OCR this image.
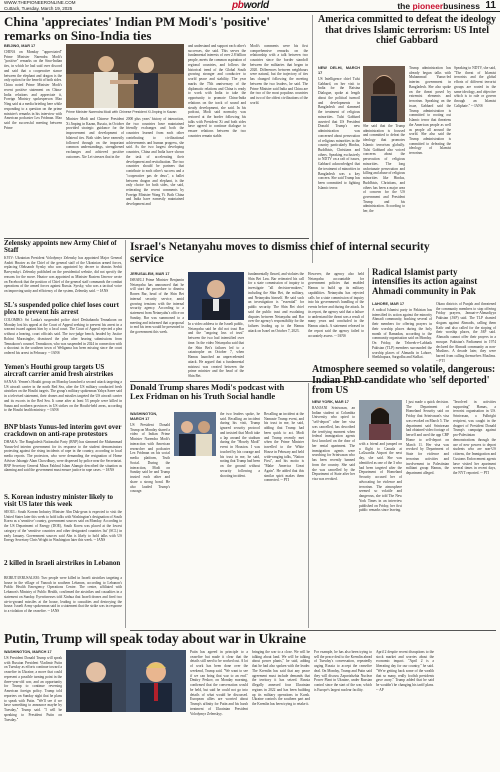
WWW.THEPIONEERONLINE.COM
Cuttack, Tuesday, March 19, 2025	pbworld	the pioneerbusiness 11
China 'appreciates' Indian PM Modi's 'positive' remarks on Sino-India ties
BEIJING, MAR 17

CHINA on Monday "appreciated" Prime Minister Narendra Modi's "positive" remarks on the Sino-Indian ties, in which he had said over discord and said that a cooperative stance between the elephant and dragon is the only option for the benefit of both sides. China noted Prime Minister Modi's recent positive statement on China-India relations and appreciate it, Foreign Ministry spokesperson Mao Ning said at a media briefing here while responding to a question on the prime minister's remarks in his interview with American podcaster Lex Fridman. Mao said the successful meeting between Prime

Prime Minister Narendra Modi with Chinese President Xi Jinping in Kazan
Minister Modi and Chinese President Xi Jinping in Kazan, Russia, in October provided strategic guidance for the improvement and development of bilateral ties. Both sides have earnestly followed through on the important common understandings, strengthened exchanges and achieved positive outcomes. Xie Lei stresses that in the
2000 plus years' history of interaction, the two countries have maintained friendly exchanges and both the countries learned from each other contributing to civilizational achievements and human progress, she said. As the two largest developing countries, China and India have shown the task of accelerating their development and revitalisation. The two countries should be partners that contribute to each other's success and a "cooperative pas de deux", a ballet between dragon and elephant, is the only choice for both sides, she said, reiterating the recent comments by Foreign Minister Wang Yi. Both China and India have earnestly maintained development and
and understand and support each other's successes, she said. This serves the fundamental interests of over 2.8 billion people, meets the common aspiration of regional countries, and follows the historical trend of the Global South growing stronger and conducive to world peace and stability. The year marks the 75th anniversary of the diplomatic relations and China is ready to work with India to take the opportunity to promote China-India relations on the track of sound and steady development, she said. In his podcast, Modi said normalcy was restored at the border following his talks with President Xi and both sides have agreed to continue dialogue to ensure relations between the two countries remain stable.
Modi's comments were his first comprehensive remarks on the relationship with a talk between two countries since the border standoff between the militaries that began in 2020. Differences between neighbours were natural, but the trajectory of ties has changed following the meeting between the two leaders, he said. The Prime Minister said India and China are the two of the most populous countries and two of the oldest civilizations of the world.
America committed to defeat the ideology that drives Islamic terrorism: US Intel chief Gabbard
NEW DELHI, MARCH 17

US Intelligence chief Tulsi Gabbard, on her visit to India for the Raisina Dialogue, spoke at length about the political turmoil and developments in Bangladesh and slammed the treatment of religious minorities. Tulsi Gabbard asserted that US President Donald Trump's new administration was concerned about persecution of religious minorities in the country particularly Hindus, Buddhists, Christians and others. Speaking exclusively to NDTV on a raft of issues, Gabbard acknowledged that the treatment of minorities in Bangladesh was a key concern. She said Trump has been committed to fighting Islamic terror.

She said that the Trump administration is focused and committed to defeat the ideology that promotes Islamic terrorism globally. Tulsi Gabbard also voiced concerns about the persecution of religious minorities. The long unfortunate persecution and killing and abuse of religious minorities like Hindus, Buddhists, Christians, and others has been a major area of concern for the US government and President Trump and his administration. According to her, the
Trump administration has already begun talks with Muhammad Yunus-led interim government in Bangladesh. She also spoke on the threat posed by extremist elements and terrorism. Speaking on the issue, Gabbard said the Trump administration is committed to rooting out Islamic terror that threatens the American people as well as people all around the world. She also said the Trump administration is committed to defeating the ideology of Islamist terrorism.
Speaking to NDTV, she said, "The threat of Islamist terrorists and the global efforts of different terrorist groups are rooted in the same ideology, and objective which is to rule or govern through an Islamist Caliphate." -- IANS
Zelensky appoints new Army Chief of Staff
KYIV: Ukrainian President Volodymyr Zelensky has appointed Major General Andrii Hnatov as the Chief of the general staff of the Ukrainian armed forces, replacing Oleksandr Syrsky who was appointed by decree to dismiss Serhii Barvynskyi. Zelensky published on the presidential website, did not specify the reasons for the move. Hnatov was appointed as Minister Rustem Umerov wrote on Facebook that the position of Chief of the general staff commands the combat operations of the armed forces against Russia. Syrsky, who was a tactical voice on improving unity and efficiency of the system, Zelensky said. -- IANS
SL's suspended police chief loses court plea to prevent his arrest
COLOMBO: Sri Lanka's suspended police chief Deshabandu Tennakoon on Monday lost his appeal at the Court of Appeal seeking to prevent his arrest in a warrant issued against him by a local court. The Court of Appeal rejected a plea without a hearing, court officials said. The two-judge bench, headed by Justice Rohini Marasinghe, dismissed the plea after hearing submissions from Tennakoon's counsel. Tennakoon, who was suspended in 2024 in connection with a shootout in the southern town of Weligama has been missing since the court ordered his arrest in February. -- IANS
Yemen's Houthi group targets US aircraft carrier amid fresh airstrikes
SANAA: Yemen's Houthi group on Monday launched a second attack targeting a US aircraft carrier in the north Red Sea, after the US military conducted fresh airstrikes on the Houthi targets. The group's military spokesman Yahya Saree said in a televised statement, their drones and missiles targeted the US aircraft carrier and its escorts in the Red Sea. It came after at least 53 people were killed in Sanaa and northern provinces in US strikes on the Houthi-held areas, according to the Houthi health ministry. -- IANS
BNP blasts Yunus-led interim govt over crackdown on anti-rape protestors
DHAKA: The Bangladesh Nationalist Party (BNP) has slammed the Muhammad Yunus-led interim government for its response to the student demonstrators protesting against the rising incidents of rape in the country, according to local media reports. The protestors, who were demanding the resignation of Home Adviser Jahangir Alam Chowdhury, were dispersed by police near the Secretariat. BNP Secretary General Mirza Fakhrul Islam Alamgir described the situation as alarming and said the government must ensure justice in rape cases. -- IANS
S. Korean industry minister likely to visit US later this week
SEOUL: South Korean Industry Minister Ahn Duk-geun is expected to visit the United States later this week to hold talks with Washington's designation of South Korea as a 'sensitive' country, government sources said on Monday. According to the US Department of Energy (DOE), South Korea was placed at the lowest category of the 'sensitive countries and other designated countries list' (SCL) in early January. Government sources said Ahn is likely to hold talks with US Energy Secretary Chris Wright in Washington later this week. -- IANS
2 killed in Israeli airstrikes in Lebanon
BEIRUT/JERUSALEM: Two people were killed in Israeli airstrikes targeting a house in the village of Yanouh in southern Lebanon, according to Lebanon's Public Health Emergency Operations Centre. The centre, affiliated with Lebanon's Ministry of Public Health, confirmed the airstrikes and casualties in a statement on Sunday. Eyewitnesses told Xinhua that Israeli drones and fired two air-to-ground missiles at the house, leading to casualties and destroying the house. Israeli Army spokesman said in a statement that the strike was in response to a violation of the ceasefire. -- IANS
Israel's Netanyahu moves to dismiss chief of internal security service
JERUSALEM, MAR 17

ISRAELI Prime Minister Benjamin Netanyahu has announced that he will start the procedure to dismiss Ronen Bar, head of the Shin Bet internal security service, amid growing tensions with the internal security agency. According to a statement from Netanyahu's office on Sunday, Bar was summoned to a meeting and informed that a proposal to end his term would be presented to the government this week.

In a video address to the Israeli public, Netanyahu said he did not trust Bar and the "ongoing loss of trust" between the two had intensified over time. In the video Netanyahu said that the Shin Bet's failures led to a catastrophe on October 7, when Hamas launched an unprecedented attack. He argued that a fundamental mistrust was created between the prime minister and the head of the Shin Bet.
fundamentally flawed, and violates the Shin Bet Law. Bar reiterated his call for a state commission of inquiry to investigate "all decision-makers," including the Shin Bet, the military, and Netanyahu himself. He said such an investigation is "essential" for public security. The Shin Bet chief said the public trust and escalating disputes between Netanyahu and Bar over the agency's responsibility for the failures leading up to the Hamas attack on Israel on October 7, 2023.
However, the agency also held Netanyahu accountable for government policies that enabled Hamas to build up its military capabilities. Netanyahu has rejected calls for a state commission of inquiry into his government's handling of the events before and during the attack. In its report, the agency said that a failure to understand the threat was a result of many years and concluded in the Hamas attack. A statement released in the report said the agency failed to accurately assess. -- IANS
Radical Islamist party intensifies its action against Ahmadi community in Pak
LAHORE, MAR 17

A radical Islamist party in Pakistan has intensified its action against the minority Ahmadi community, booking several of their members for offering prayers in their worship places during the holy month of Ramadan, according to the community organisation said on Monday. On Friday, the Tehreek-e-Labbaik Pakistan (TLP) members surrounded the worship places of Ahmadis in Lahore, Sheikhupura, Sargodha and Sialkot.

Okara districts of Punjab and threatened the community members to stop offering Friday prayers, Jamaat-e-Ahmadiyya Pakistan (JAP) said. The TLP chanted slogans against Ahmadis, calling them Kafir and also called for the stoping of their worship places, the JAP said. Ahmadis cannot offer their prayers in a mosque. Pakistan's Parliament in 1974 declared the Ahmadi community as non-Muslims. A decade later, they were barred from calling themselves Muslims. -- PTI
Donald Trump shares Modi's podcast with Lex Fridman on his Truth Social handle
WASHINGTON, MARCH 17

US President Donald Trump on Monday shared a video of Indian Prime Minister Narendra Modi's interaction with American researcher and podcaster Lex Fridman on his social media platform, Truth Social. During the interaction, Modi on Sunday said he and Trump trusted each other and share a strong bond. He also lauded Trump's courage.

the two leaders spoke, he said. Recalling an incident during his visit, Trump ignored security protocol and insisted that Modi take a lap around the stadium during the "Howdy Modi" event in Houston. I was touched by his courage and his trust in me, he said, noting that Trump had been on the ground without security following a shooting incident.
Recalling an incident at the Namaste Trump event, and his trust in me, he said, adding that Trump had been quick to act. Modi and Trump recently met when the Prime Minister travelled to the White House in February and held wide-ranging talks, "Nation First", and his motto is "Make America Great Again". He added that this similar spirit makes them connected. -- PTI
Atmosphere seemed so volatile, dangerous: Indian PhD candidate who 'self deported' from US
NEW YORK, MAR 17

RANJANI Srinivasan, an Indian student at Columbia University who opted to "self-deport" after her visa was cancelled, has described the terrifying moment when federal immigration agents first knocked on the door of her rental apartment. The immigration agents were searching for Srinivasan who has been recently banned from the country. She said she was cancelled by the Department of State after her visa was revoked.

with a friend and jumped on a flight to Canada at LaGuardia Airport the next day, she said. She was identified as one of the 3 who had been targeted after the Department of Homeland Security accused her of advocating for violence and terrorism. The atmosphere seemed so volatile and dangerous, she told The New York Times in an interview published on Friday, her first public remarks since leaving.
I just made a quick decision. The Department of Homeland Security said on Friday that Srinivasan's visa was revoked on March 5. The department said Srinivasan had obtained video footage of herself and used the app CBP Home to self-deport on March 11. Her visa was revoked by Department of State for violence and terrorism activities and involvement in Palestinian militant group Hamas, the department alleged.
"Involved in activities supporting" Hamas, a terrorist organisation in US. Srinivasan, a Fulbright recipient, was caught in the dragnet of President Donald Trump's campaign against pro-Palestinian demonstrations through the use of new powers to deport students who are non-US citizens, the Immigration and Customs Enforcement agents have visited her apartment several times in recent days, the NYT reported. -- PTI
Putin, Trump will speak today about war in Ukraine
WASHINGTON, MARCH 17

US President Donald Trump will speak with Russian President Vladimir Putin on Tuesday as efforts continue toward a ceasefire in Ukraine, a move that could represent a possible turning point in the three-year-old war, and an opportunity for Trump to continue reversing American foreign policy. Trump told reporters on Sunday night that he plans to speak with Putin. "We'll see if we have something to announce maybe by Tuesday," Trump said. "I will be speaking to President Putin on Tuesday."

Putin has agreed in principle to a ceasefire but made it clear that the details still need to be worked out. A lot of work has been done over the weekend, Trump said. "We want to see if we can bring that war to an end." Dmitry Peskov, on Monday morning, confirmed that the conversation would be held, but said he could not go into details of what would be discussed. European allies are worried about Trump's affinity for Putin and his harsh treatment of Ukrainian President Volodymyr Zelenskyy.
bringing the war to a close. We will be talking about land. We will be talking about power plants," he said, adding that he had also spoken with the leader. The Kremlin has said that any peace agreement must include demands that the territory it has seized. Russia illegally annexed four Ukrainian regions in 2022 and has been building up its military operations in Kursk. Ukraine controls the southern part and the Kremlin has been trying to retake it.
For example, he has also been trying to sell the peace deal to the Kremlin ahead of Tuesday's conversation, repeatedly urging Russia to accept the ceasefire deal. On Monday, Trump and Putin said they will discuss Zaporizhzhia Nuclear Power Plant in Ukraine, under Russian control since the start of the war, which is Europe's largest nuclear facility.
April 2 despite recent disruptions to the stock market and worries about the economic impact. "April 2 is a liberating day for our country," he said. "We're getting back some of the wealth that so many, really foolish presidents gave away." Trump added that he said he wouldn't be changing his tariff plans. -- AP
